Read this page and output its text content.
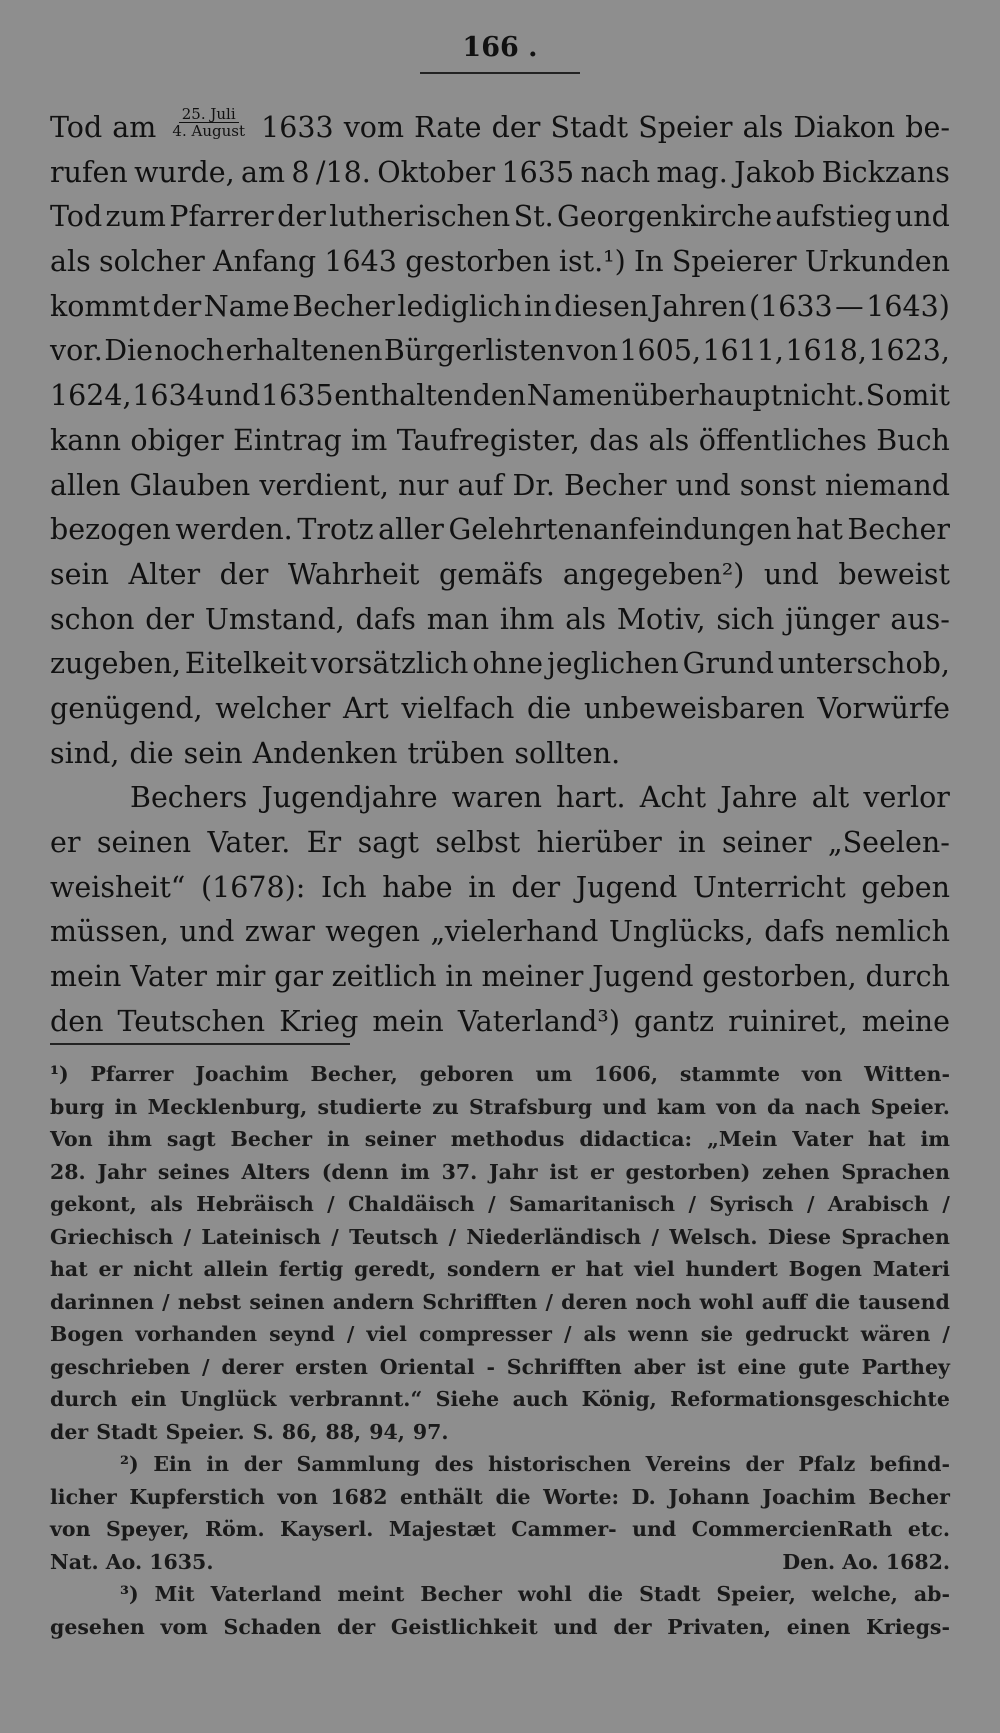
166 .
Tod am $\frac{\text{25. Juli}}{\text{4. August}} 1633$ vom Rate der Stadt Speier als Diakon be-
rufen wurde, am 8 /18. Oktober 1635 nach mag. Jakob Bickzans
Tod zum Pfarrer der lutherischen St. Georgenkirche aufstieg und
als solcher Anfang 1643 gestorben ist.¹) In Speierer Urkunden
kommt der Name Becher lediglich in diesen Jahren (1633 — 1643)
vor. Die noch erhaltenen Bürgerlisten von 1605, 1611, 1618, 1623,
1624, 1634 und 1635 enthalten den Namen überhaupt nicht. Somit
kann obiger Eintrag im Taufregister, das als öffentliches Buch
allen Glauben verdient, nur auf Dr. Becher und sonst niemand
bezogen werden. Trotz aller Gelehrtenanfeindungen hat Becher
sein Alter der Wahrheit gemäfs angegeben²) und beweist
schon der Umstand, dafs man ihm als Motiv, sich jünger aus-
zugeben, Eitelkeit vorsätzlich ohne jeglichen Grund unterschob,
genügend, welcher Art vielfach die unbeweisbaren Vorwürfe
sind, die sein Andenken trüben sollten.
Bechers Jugendjahre waren hart. Acht Jahre alt verlor
er seinen Vater. Er sagt selbst hierüber in seiner „Seelen-
weisheit“ (1678): Ich habe in der Jugend Unterricht geben
müssen, und zwar wegen „vielerhand Unglücks, dafs nemlich
mein Vater mir gar zeitlich in meiner Jugend gestorben, durch
den Teutschen Krieg mein Vaterland³) gantz ruiniret, meine
¹) Pfarrer Joachim Becher, geboren um 1606, stammte von Witten-
burg in Mecklenburg, studierte zu Strafsburg und kam von da nach Speier.
Von ihm sagt Becher in seiner methodus didactica: „Mein Vater hat im
28. Jahr seines Alters (denn im 37. Jahr ist er gestorben) zehen Sprachen
gekont, als Hebräisch / Chaldäisch / Samaritanisch / Syrisch / Arabisch /
Griechisch / Lateinisch / Teutsch / Niederländisch / Welsch. Diese Sprachen
hat er nicht allein fertig geredt, sondern er hat viel hundert Bogen Materi
darinnen / nebst seinen andern Schrifften / deren noch wohl auff die tausend
Bogen vorhanden seynd / viel compresser / als wenn sie gedruckt wären /
geschrieben / derer ersten Oriental - Schrifften aber ist eine gute Parthey
durch ein Unglück verbrannt.“ Siehe auch König, Reformationsgeschichte
der Stadt Speier. S. 86, 88, 94, 97.
²) Ein in der Sammlung des historischen Vereins der Pfalz befind-
licher Kupferstich von 1682 enthält die Worte: D. Johann Joachim Becher
von Speyer, Röm. Kayserl. Majestæt Cammer- und CommercienRath etc.
Nat. Ao. 1635.	Den. Ao. 1682.
³) Mit Vaterland meint Becher wohl die Stadt Speier, welche, ab-
gesehen vom Schaden der Geistlichkeit und der Privaten, einen Kriegs-
